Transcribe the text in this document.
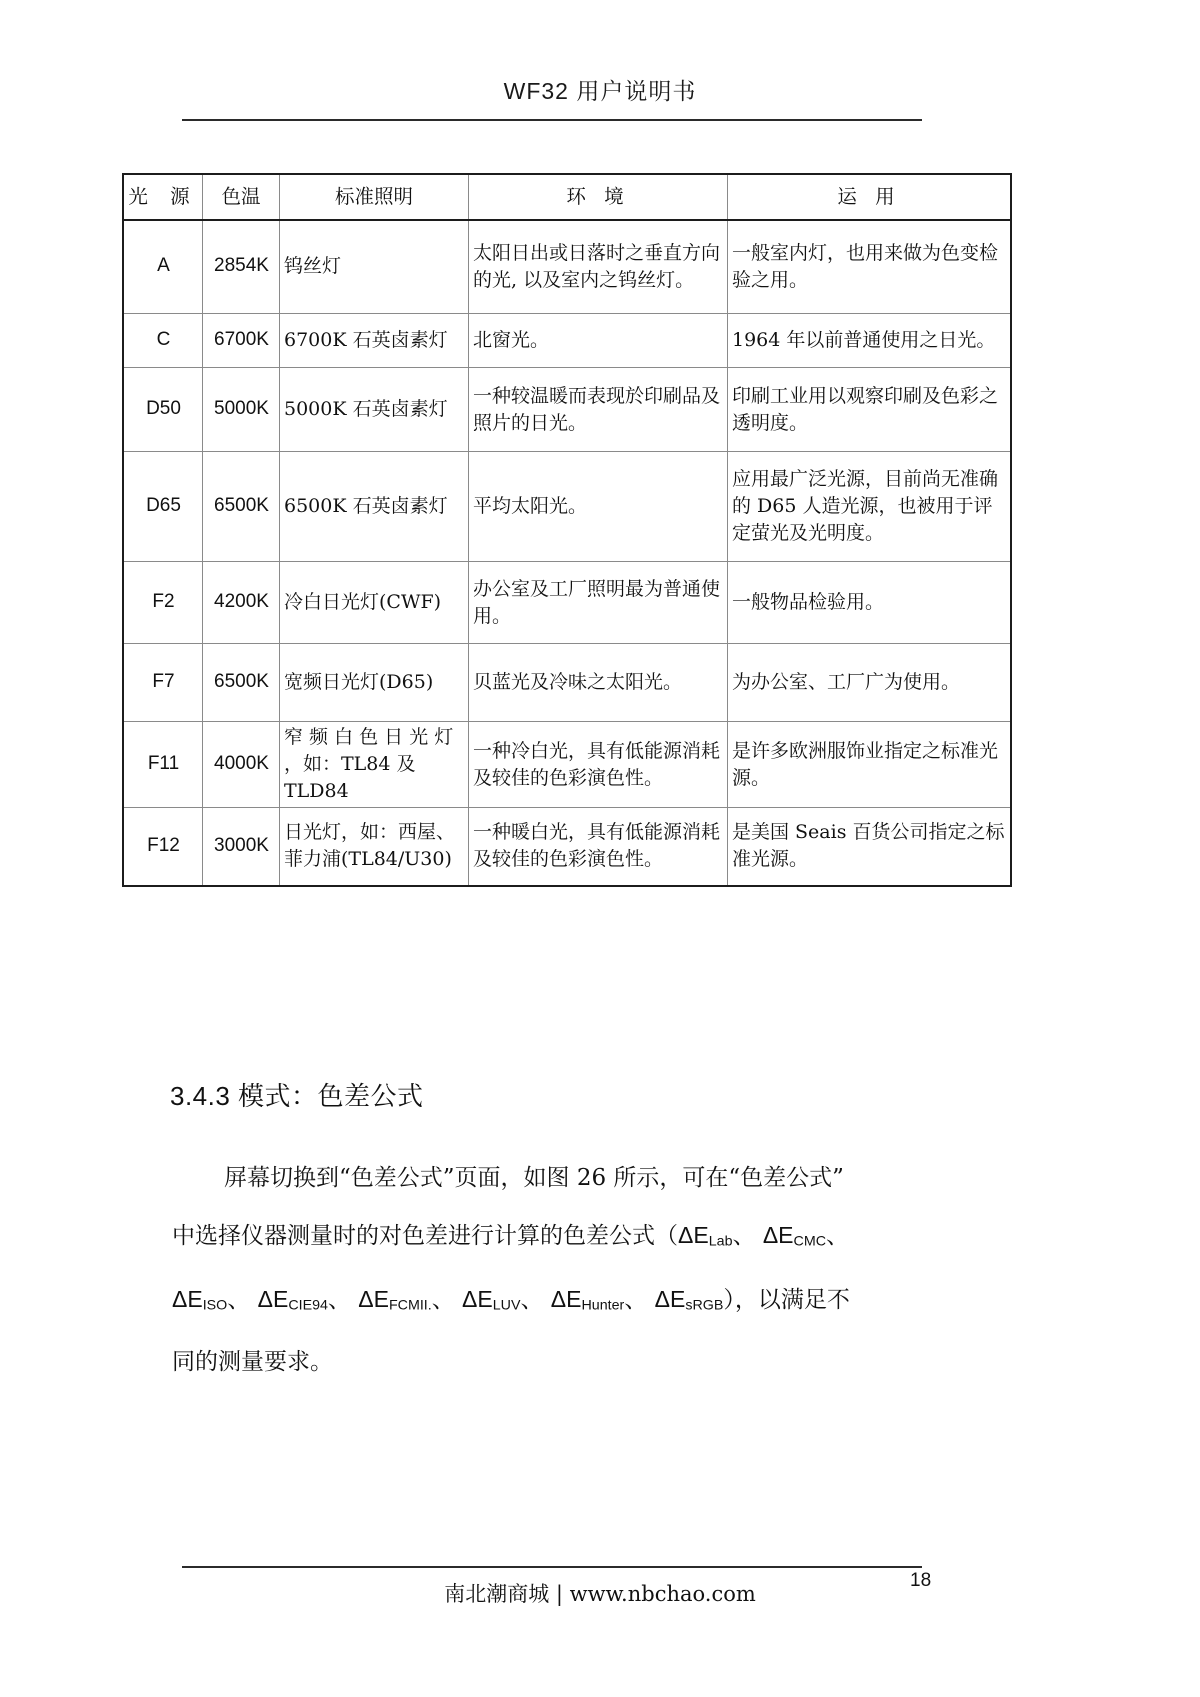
WF32 用户说明书
光 源	色温	标准照明	环 境	运 用
A	2854K	钨丝灯	太阳日出或日落时之垂直方向的光, 以及室内之钨丝灯。	一般室内灯，也用来做为色变检验之用。
C	6700K	6700K 石英卤素灯	北窗光。	1964 年以前普通使用之日光。
D50	5000K	5000K 石英卤素灯	一种较温暖而表现於印刷品及照片的日光。	印刷工业用以观察印刷及色彩之透明度。
D65	6500K	6500K 石英卤素灯	平均太阳光。	应用最广泛光源，目前尚无准确的 D65 人造光源，也被用于评定萤光及光明度。
F2	4200K	冷白日光灯(CWF)	办公室及工厂照明最为普通使用。	一般物品检验用。
F7	6500K	宽频日光灯(D65)	贝蓝光及冷味之太阳光。	为办公室、工厂广为使用。
F11	4000K	窄 频 白 色 日 光 灯 ，如：TL84 及 TLD84	一种冷白光，具有低能源消耗及较佳的色彩演色性。	是许多欧洲服饰业指定之标准光源。
F12	3000K	日光灯，如：西屋、菲力浦(TL84/U30)	一种暖白光，具有低能源消耗及较佳的色彩演色性。	是美国 Seais 百货公司指定之标准光源。
3.4.3 模式：色差公式
屏幕切换到“色差公式”页面，如图 26 所示，可在“色差公式”
中选择仪器测量时的对色差进行计算的色差公式（$\Delta E_{Lab}$、 $\Delta E_{CMC}$、
$\Delta E_{ISO}$、 $\Delta E_{CIE94}$、 $\Delta E_{FCMII.}$、 $\Delta E_{LUV}$、 $\Delta E_{Hunter}$、 $\Delta E_{sRGB}$），以满足不
同的测量要求。
南北潮商城 | www.nbchao.com
18
